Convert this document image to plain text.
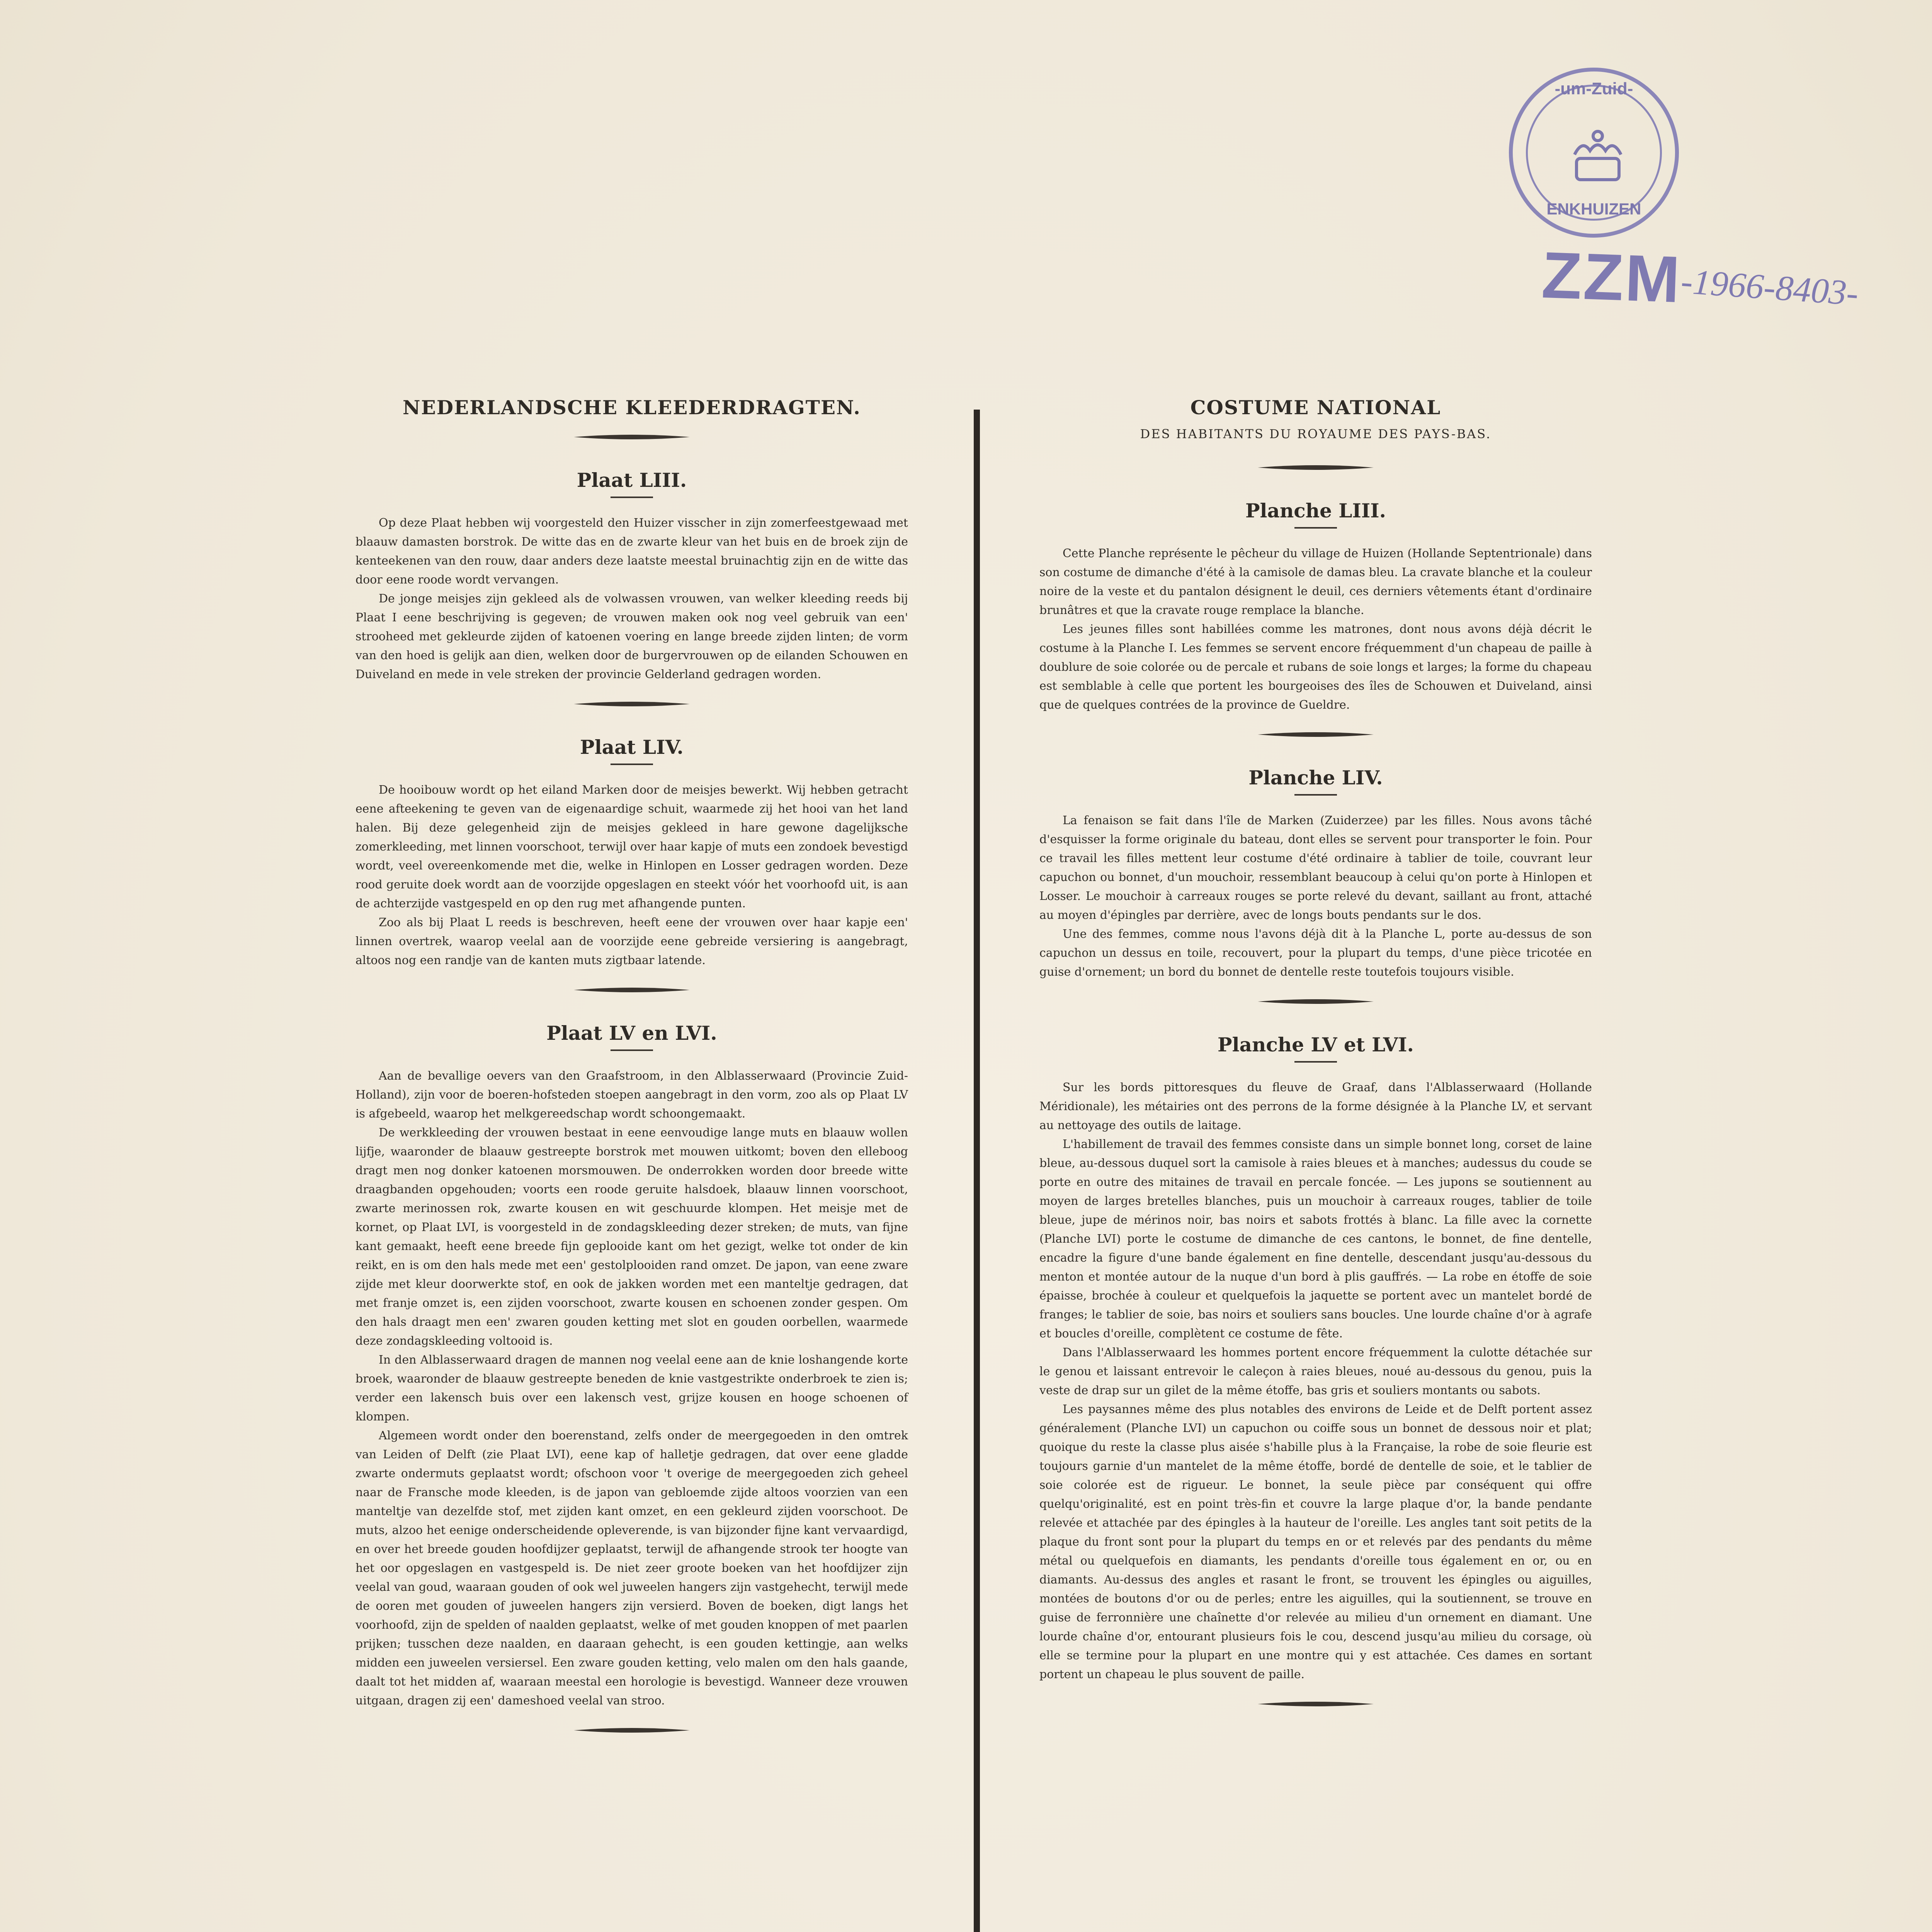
-um-Zuid-
ENKHUIZEN
ZZM
-1966-8403-
NEDERLANDSCHE KLEEDERDRAGTEN.
Plaat LIII.

Op deze Plaat hebben wij voorgesteld den Huizer visscher in zijn zomerfeestgewaad met blaauw damasten borstrok. De witte das en de zwarte kleur van het buis en de broek zijn de kenteekenen van den rouw, daar anders deze laatste meestal bruinachtig zijn en de witte das door eene roode wordt vervangen.

De jonge meisjes zijn gekleed als de volwassen vrouwen, van welker kleeding reeds bij Plaat I eene beschrijving is gegeven; de vrouwen maken ook nog veel gebruik van een' strooheed met gekleurde zijden of katoenen voering en lange breede zijden linten; de vorm van den hoed is gelijk aan dien, welken door de burgervrouwen op de eilanden Schouwen en Duiveland en mede in vele streken der provincie Gelderland gedragen worden.

Plaat LIV.

De hooibouw wordt op het eiland Marken door de meisjes bewerkt. Wij hebben getracht eene afteekening te geven van de eigenaardige schuit, waarmede zij het hooi van het land halen. Bij deze gelegenheid zijn de meisjes gekleed in hare gewone dagelijksche zomerkleeding, met linnen voorschoot, terwijl over haar kapje of muts een zondoek bevestigd wordt, veel overeenkomende met die, welke in Hinlopen en Losser gedragen worden. Deze rood geruite doek wordt aan de voorzijde opgeslagen en steekt vóór het voorhoofd uit, is aan de achterzijde vastgespeld en op den rug met afhangende punten.

Zoo als bij Plaat L reeds is beschreven, heeft eene der vrouwen over haar kapje een' linnen overtrek, waarop veelal aan de voorzijde eene gebreide versiering is aangebragt, altoos nog een randje van de kanten muts zigtbaar latende.

Plaat LV en LVI.

Aan de bevallige oevers van den Graafstroom, in den Alblasserwaard (Provincie Zuid-Holland), zijn voor de boeren-hofsteden stoepen aangebragt in den vorm, zoo als op Plaat LV is afgebeeld, waarop het melkgereedschap wordt schoongemaakt.

De werkkleeding der vrouwen bestaat in eene eenvoudige lange muts en blaauw wollen lijfje, waaronder de blaauw gestreepte borstrok met mouwen uitkomt; boven den elleboog dragt men nog donker katoenen morsmouwen. De onderrokken worden door breede witte draagbanden opgehouden; voorts een roode geruite halsdoek, blaauw linnen voorschoot, zwarte merinossen rok, zwarte kousen en wit geschuurde klompen. Het meisje met de kornet, op Plaat LVI, is voorgesteld in de zondagskleeding dezer streken; de muts, van fijne kant gemaakt, heeft eene breede fijn geplooide kant om het gezigt, welke tot onder de kin reikt, en is om den hals mede met een' gestolplooiden rand omzet. De japon, van eene zware zijde met kleur doorwerkte stof, en ook de jakken worden met een manteltje gedragen, dat met franje omzet is, een zijden voorschoot, zwarte kousen en schoenen zonder gespen. Om den hals draagt men een' zwaren gouden ketting met slot en gouden oorbellen, waarmede deze zondagskleeding voltooid is.

In den Alblasserwaard dragen de mannen nog veelal eene aan de knie loshangende korte broek, waaronder de blaauw gestreepte beneden de knie vastgestrikte onderbroek te zien is; verder een lakensch buis over een lakensch vest, grijze kousen en hooge schoenen of klompen.

Algemeen wordt onder den boerenstand, zelfs onder de meergegoeden in den omtrek van Leiden of Delft (zie Plaat LVI), eene kap of halletje gedragen, dat over eene gladde zwarte ondermuts geplaatst wordt; ofschoon voor 't overige de meergegoeden zich geheel naar de Fransche mode kleeden, is de japon van gebloemde zijde altoos voorzien van een manteltje van dezelfde stof, met zijden kant omzet, en een gekleurd zijden voorschoot. De muts, alzoo het eenige onderscheidende opleverende, is van bijzonder fijne kant vervaardigd, en over het breede gouden hoofdijzer geplaatst, terwijl de afhangende strook ter hoogte van het oor opgeslagen en vastgespeld is. De niet zeer groote boeken van het hoofdijzer zijn veelal van goud, waaraan gouden of ook wel juweelen hangers zijn vastgehecht, terwijl mede de ooren met gouden of juweelen hangers zijn versierd. Boven de boeken, digt langs het voorhoofd, zijn de spelden of naalden geplaatst, welke of met gouden knoppen of met paarlen prijken; tusschen deze naalden, en daaraan gehecht, is een gouden kettingje, aan welks midden een juweelen versiersel. Een zware gouden ketting, velo malen om den hals gaande, daalt tot het midden af, waaraan meestal een horologie is bevestigd. Wanneer deze vrouwen uitgaan, dragen zij een' dameshoed veelal van stroo.

COSTUME NATIONAL
DES HABITANTS DU ROYAUME DES PAYS-BAS.
Planche LIII.

Cette Planche représente le pêcheur du village de Huizen (Hollande Septentrionale) dans son costume de dimanche d'été à la camisole de damas bleu. La cravate blanche et la couleur noire de la veste et du pantalon désignent le deuil, ces derniers vêtements étant d'ordinaire brunâtres et que la cravate rouge remplace la blanche.

Les jeunes filles sont habillées comme les matrones, dont nous avons déjà décrit le costume à la Planche I. Les femmes se servent encore fréquemment d'un chapeau de paille à doublure de soie colorée ou de percale et rubans de soie longs et larges; la forme du chapeau est semblable à celle que portent les bourgeoises des îles de Schouwen et Duiveland, ainsi que de quelques contrées de la province de Gueldre.

Planche LIV.

La fenaison se fait dans l'île de Marken (Zuiderzee) par les filles. Nous avons tâché d'esquisser la forme originale du bateau, dont elles se servent pour transporter le foin. Pour ce travail les filles mettent leur costume d'été ordinaire à tablier de toile, couvrant leur capuchon ou bonnet, d'un mouchoir, ressemblant beaucoup à celui qu'on porte à Hinlopen et Losser. Le mouchoir à carreaux rouges se porte relevé du devant, saillant au front, attaché au moyen d'épingles par derrière, avec de longs bouts pendants sur le dos.

Une des femmes, comme nous l'avons déjà dit à la Planche L, porte au-dessus de son capuchon un dessus en toile, recouvert, pour la plupart du temps, d'une pièce tricotée en guise d'ornement; un bord du bonnet de dentelle reste toutefois toujours visible.

Planche LV et LVI.

Sur les bords pittoresques du fleuve de Graaf, dans l'Alblasserwaard (Hollande Méridionale), les métairies ont des perrons de la forme désignée à la Planche LV, et servant au nettoyage des outils de laitage.

L'habillement de travail des femmes consiste dans un simple bonnet long, corset de laine bleue, au-dessous duquel sort la camisole à raies bleues et à manches; audessus du coude se porte en outre des mitaines de travail en percale foncée. — Les jupons se soutiennent au moyen de larges bretelles blanches, puis un mouchoir à carreaux rouges, tablier de toile bleue, jupe de mérinos noir, bas noirs et sabots frottés à blanc. La fille avec la cornette (Planche LVI) porte le costume de dimanche de ces cantons, le bonnet, de fine dentelle, encadre la figure d'une bande également en fine dentelle, descendant jusqu'au-dessous du menton et montée autour de la nuque d'un bord à plis gauffrés. — La robe en étoffe de soie épaisse, brochée à couleur et quelquefois la jaquette se portent avec un mantelet bordé de franges; le tablier de soie, bas noirs et souliers sans boucles. Une lourde chaîne d'or à agrafe et boucles d'oreille, complètent ce costume de fête.

Dans l'Alblasserwaard les hommes portent encore fréquemment la culotte détachée sur le genou et laissant entrevoir le caleçon à raies bleues, noué au-dessous du genou, puis la veste de drap sur un gilet de la même étoffe, bas gris et souliers montants ou sabots.

Les paysannes même des plus notables des environs de Leide et de Delft portent assez généralement (Planche LVI) un capuchon ou coiffe sous un bonnet de dessous noir et plat; quoique du reste la classe plus aisée s'habille plus à la Française, la robe de soie fleurie est toujours garnie d'un mantelet de la même étoffe, bordé de dentelle de soie, et le tablier de soie colorée est de rigueur. Le bonnet, la seule pièce par conséquent qui offre quelqu'originalité, est en point très-fin et couvre la large plaque d'or, la bande pendante relevée et attachée par des épingles à la hauteur de l'oreille. Les angles tant soit petits de la plaque du front sont pour la plupart du temps en or et relevés par des pendants du même métal ou quelquefois en diamants, les pendants d'oreille tous également en or, ou en diamants. Au-dessus des angles et rasant le front, se trouvent les épingles ou aiguilles, montées de boutons d'or ou de perles; entre les aiguilles, qui la soutiennent, se trouve en guise de ferronnière une chaînette d'or relevée au milieu d'un ornement en diamant. Une lourde chaîne d'or, entourant plusieurs fois le cou, descend jusqu'au milieu du corsage, où elle se termine pour la plupart en une montre qui y est attachée. Ces dames en sortant portent un chapeau le plus souvent de paille.
